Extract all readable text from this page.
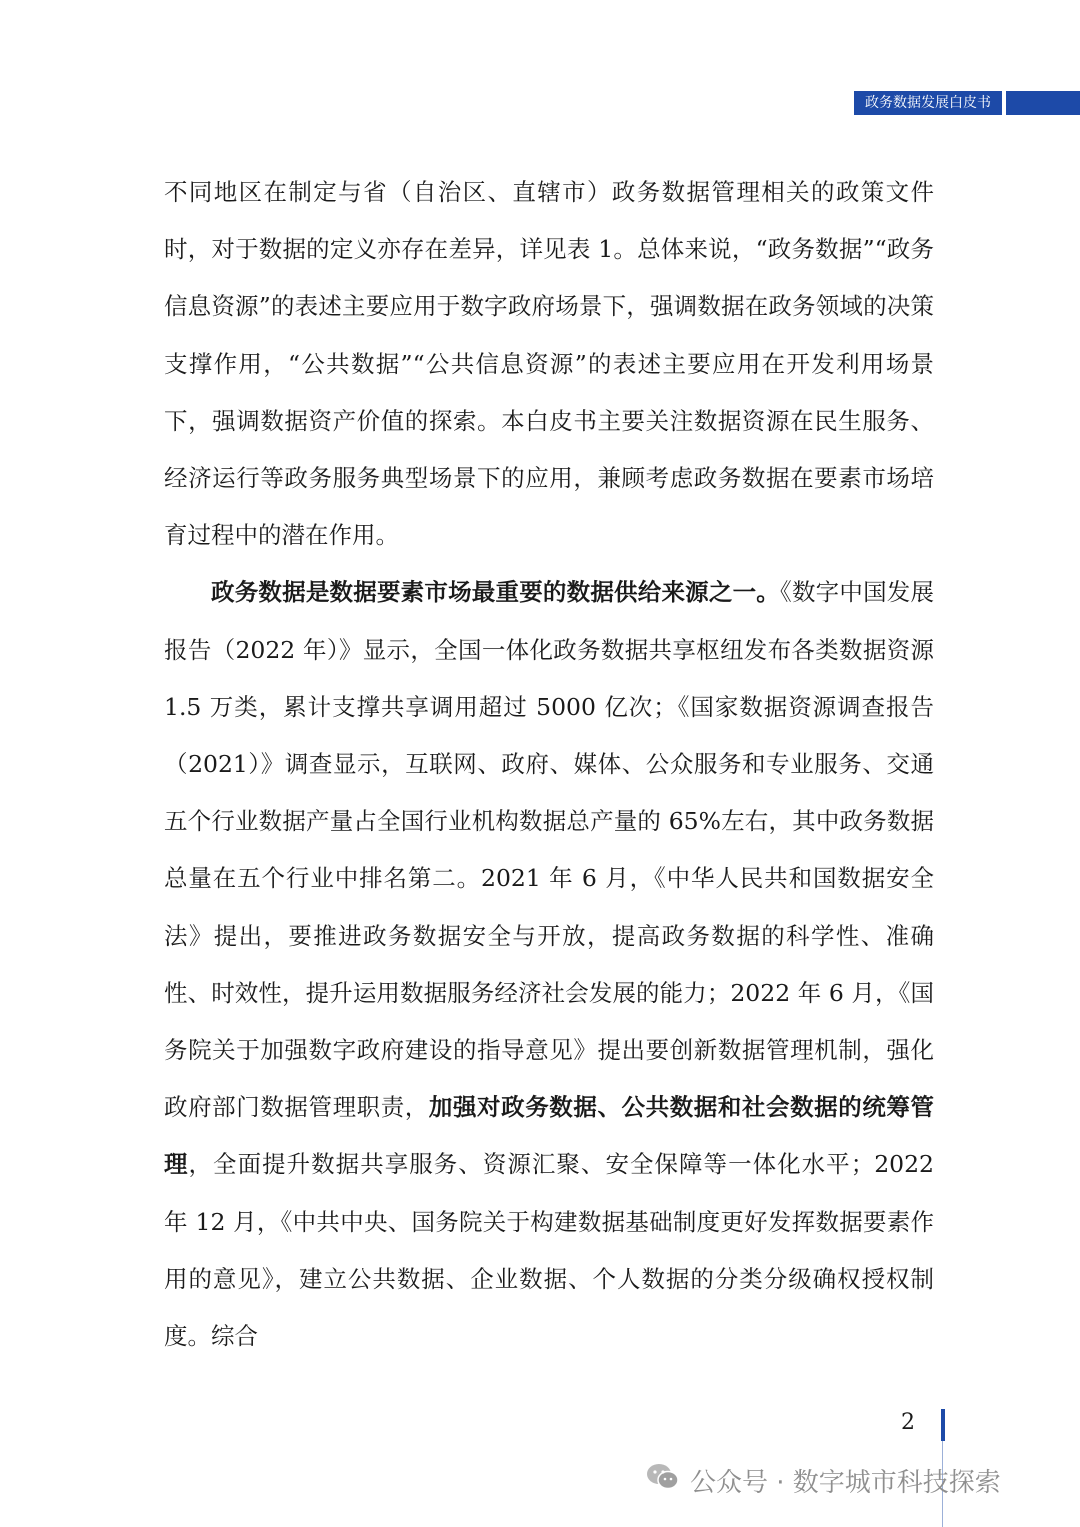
政务数据发展白皮书

不同地区在制定与省（自治区、直辖市）政务数据管理相关的政策文件时，对于数据的定义亦存在差异，详见表 1。总体来说，“政务数据”“政务信息资源”的表述主要应用于数字政府场景下，强调数据在政务领域的决策支撑作用，“公共数据”“公共信息资源”的表述主要应用在开发利用场景下，强调数据资产价值的探索。本白皮书主要关注数据资源在民生服务、经济运行等政务服务典型场景下的应用，兼顾考虑政务数据在要素市场培育过程中的潜在作用。

政务数据是数据要素市场最重要的数据供给来源之一。《数字中国发展报告（2022 年）》显示，全国一体化政务数据共享枢纽发布各类数据资源 1.5 万类，累计支撑共享调用超过 5000 亿次；《国家数据资源调查报告（2021）》调查显示，互联网、政府、媒体、公众服务和专业服务、交通五个行业数据产量占全国行业机构数据总产量的 65%左右，其中政务数据总量在五个行业中排名第二。2021 年 6 月，《中华人民共和国数据安全法》提出，要推进政务数据安全与开放，提高政务数据的科学性、准确性、时效性，提升运用数据服务经济社会发展的能力；2022 年 6 月，《国务院关于加强数字政府建设的指导意见》提出要创新数据管理机制，强化政府部门数据管理职责，加强对政务数据、公共数据和社会数据的统筹管理，全面提升数据共享服务、资源汇聚、安全保障等一体化水平；2022 年 12 月，《中共中央、国务院关于构建数据基础制度更好发挥数据要素作用的意见》，建立公共数据、企业数据、个人数据的分类分级确权授权制度。综合

2
公众号 · 数字城市科技探索
